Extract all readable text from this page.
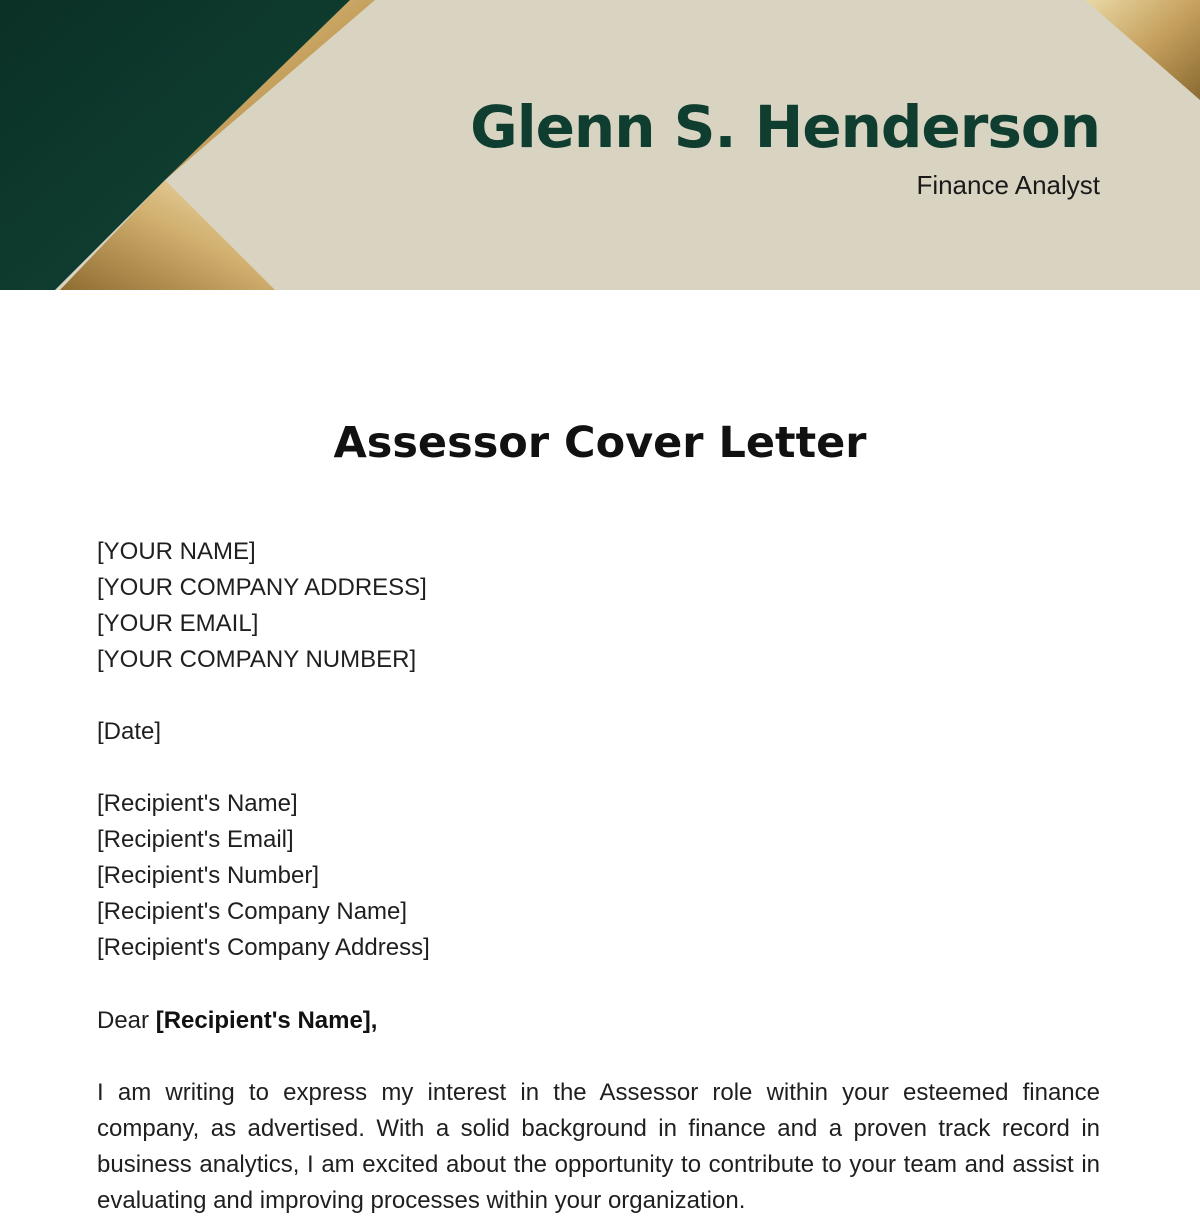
Glenn S. Henderson
Finance Analyst
Assessor Cover Letter
[YOUR NAME]
[YOUR COMPANY ADDRESS]
[YOUR EMAIL]
[YOUR COMPANY NUMBER]
[Date]
[Recipient's Name]
[Recipient's Email]
[Recipient's Number]
[Recipient's Company Name]
[Recipient's Company Address]
Dear [Recipient's Name],

I am writing to express my interest in the Assessor role within your esteemed finance company, as advertised. With a solid background in finance and a proven track record in business analytics, I am excited about the opportunity to contribute to your team and assist in evaluating and improving processes within your organization.
